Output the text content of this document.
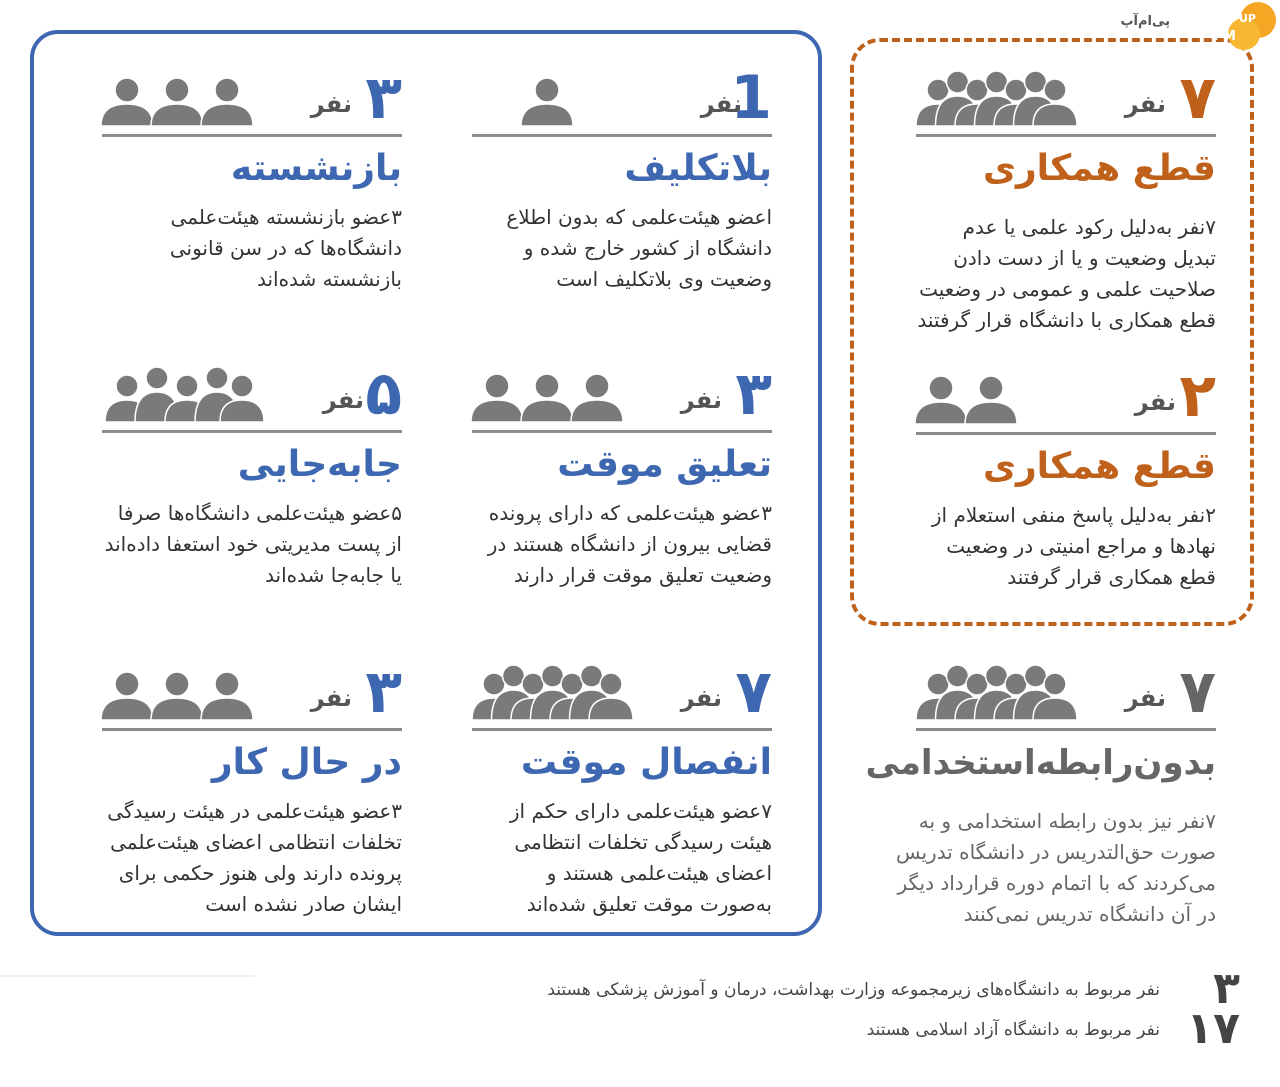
پی‌ام‌آپ
PM
UP
۷
نفر
قطع همکاری
۷نفر به‌دلیل رکود علمی یا عدم
تبدیل وضعیت و یا از دست دادن
صلاحیت علمی و عمومی در وضعیت
قطع همکاری با دانشگاه قرار گرفتند
۲
نفر
قطع همکاری
۲نفر به‌دلیل پاسخ منفی استعلام از
نهادها و مراجع امنیتی در وضعیت
قطع همکاری قرار گرفتند
۷
نفر
بدون‌رابطه‌استخدامی
۷نفر نیز بدون رابطه استخدامی و به
صورت حق‌التدریس در دانشگاه تدریس
می‌کردند که با اتمام دوره قرارداد دیگر
در آن دانشگاه تدریس نمی‌کنند
1
نفر
بلاتکلیف
اعضو هیئت‌علمی که بدون اطلاع
دانشگاه از کشور خارج شده و
وضعیت وی بلاتکلیف است
۳
نفر
بازنشسته
۳عضو بازنشسته هیئت‌علمی
دانشگاه‌ها که در سن قانونی
بازنشسته شده‌اند
۳
نفر
تعلیق موقت
۳عضو هیئت‌علمی که دارای پرونده
قضایی بیرون از دانشگاه هستند در
وضعیت تعلیق موقت قرار دارند
۵
نفر
جابه‌جایی
۵عضو هیئت‌علمی دانشگاه‌ها صرفا
از پست مدیریتی خود استعفا داده‌اند
یا جابه‌جا شده‌اند
۷
نفر
انفصال موقت
۷عضو هیئت‌علمی دارای حکم از
هیئت رسیدگی تخلفات انتظامی
اعضای هیئت‌علمی هستند و
به‌صورت موقت تعلیق شده‌اند
۳
نفر
در حال کار
۳عضو هیئت‌علمی در هیئت رسیدگی
تخلفات انتظامی اعضای هیئت‌علمی
پرونده دارند ولی هنوز حکمی برای
ایشان صادر نشده است
۳
نفر مربوط به دانشگاه‌های زیرمجموعه وزارت بهداشت، درمان و آموزش پزشکی هستند
۱۷
نفر مربوط به دانشگاه آزاد اسلامی هستند
